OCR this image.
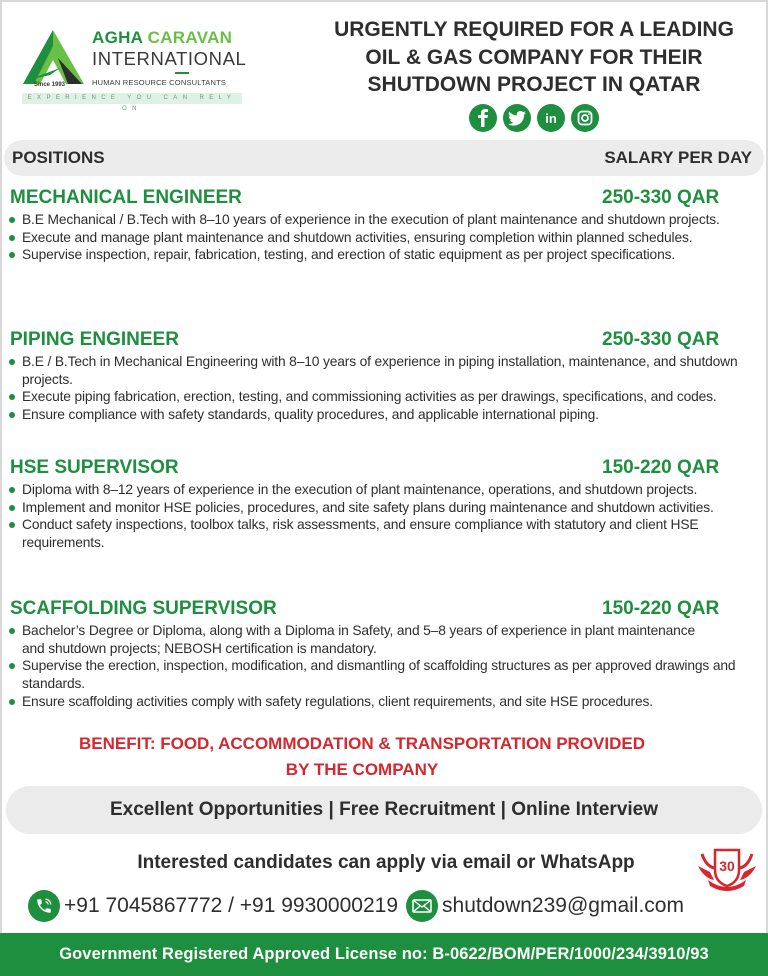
Since 1993
AGHA CARAVAN
INTERNATIONAL
HUMAN RESOURCE CONSULTANTS
EXPERIENCE YOU CAN RELY ON
URGENTLY REQUIRED FOR A LEADING
OIL & GAS COMPANY FOR THEIR
SHUTDOWN PROJECT IN QATAR
in
POSITIONS	SALARY PER DAY
MECHANICAL ENGINEER	250-330 QAR
B.E Mechanical / B.Tech with 8–10 years of experience in the execution of plant maintenance and shutdown projects.
Execute and manage plant maintenance and shutdown activities, ensuring completion within planned schedules.
Supervise inspection, repair, fabrication, testing, and erection of static equipment as per project specifications.
PIPING ENGINEER	250-330 QAR
B.E / B.Tech in Mechanical Engineering with 8–10 years of experience in piping installation, maintenance, and shutdown projects.
Execute piping fabrication, erection, testing, and commissioning activities as per drawings, specifications, and codes.
Ensure compliance with safety standards, quality procedures, and applicable international piping.
HSE SUPERVISOR	150-220 QAR
Diploma with 8–12 years of experience in the execution of plant maintenance, operations, and shutdown projects.
Implement and monitor HSE policies, procedures, and site safety plans during maintenance and shutdown activities.
Conduct safety inspections, toolbox talks, risk assessments, and ensure compliance with statutory and client HSE requirements.
SCAFFOLDING SUPERVISOR	150-220 QAR
Bachelor’s Degree or Diploma, along with a Diploma in Safety, and 5–8 years of experience in plant maintenance and shutdown projects; NEBOSH certification is mandatory.
Supervise the erection, inspection, modification, and dismantling of scaffolding structures as per approved drawings and standards.
Ensure scaffolding activities comply with safety regulations, client requirements, and site HSE procedures.
BENEFIT: FOOD, ACCOMMODATION & TRANSPORTATION PROVIDED
BY THE COMPANY
Excellent Opportunities | Free Recruitment | Online Interview
Interested candidates can apply via email or WhatsApp	30
+91 7045867772 / +91 9930000219 shutdown239@gmail.com
Government Registered Approved License no: B-0622/BOM/PER/1000/234/3910/93
